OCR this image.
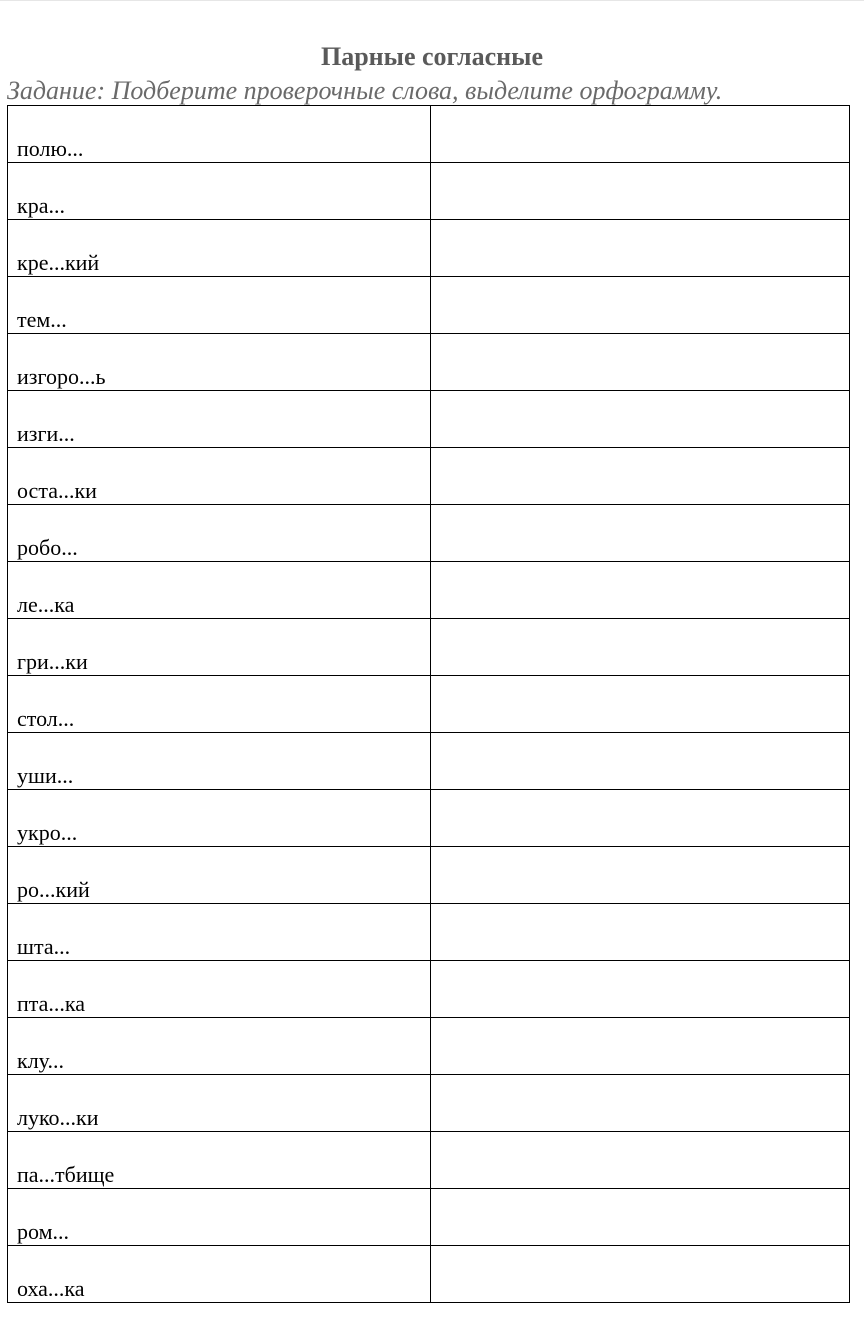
Парные согласные
Задание: Подберите проверочные слова, выделите орфограмму.
полю...	

кра...	

кре...кий	

тем...	

изгоро...ь	

изги...	

оста...ки	

робо...	

ле...ка	

гри...ки	

стол...	

уши...	

укро...	

ро...кий	

шта...	

пта...ка	

клу...	

луко...ки	

па...тбище	

ром...	

оха...ка	
